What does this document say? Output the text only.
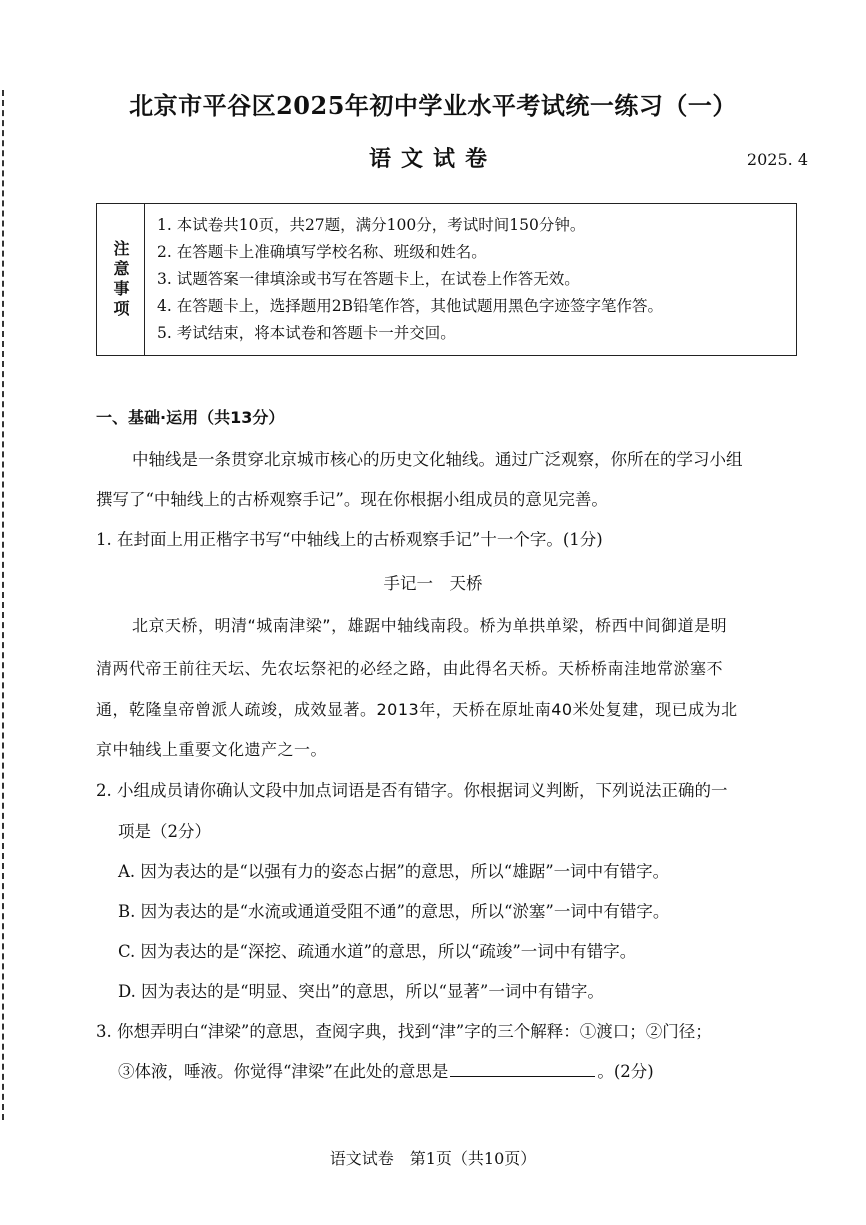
北京市平谷区2025年初中学业水平考试统一练习（一）
语文试卷	2025. 4
注意事项
1. 本试卷共10页，共27题，满分100分，考试时间150分钟。
2. 在答题卡上准确填写学校名称、班级和姓名。
3. 试题答案一律填涂或书写在答题卡上，在试卷上作答无效。
4. 在答题卡上，选择题用2B铅笔作答，其他试题用黑色字迹签字笔作答。
5. 考试结束，将本试卷和答题卡一并交回。
一、基础·运用（共13分）
中轴线是一条贯穿北京城市核心的历史文化轴线。通过广泛观察，你所在的学习小组
撰写了“中轴线上的古桥观察手记”。现在你根据小组成员的意见完善。
1. 在封面上用正楷字书写“中轴线上的古桥观察手记”十一个字。(1分)
手记一　天桥
北京天桥，明清“城南津梁”，雄踞中轴线南段。桥为单拱单梁，桥西中间御道是明
清两代帝王前往天坛、先农坛祭祀的必经之路，由此得名天桥。天桥桥南洼地常淤塞不
通，乾隆皇帝曾派人疏竣，成效显著。2013年，天桥在原址南40米处复建，现已成为北
京中轴线上重要文化遗产之一。
2. 小组成员请你确认文段中加点词语是否有错字。你根据词义判断，下列说法正确的一
项是（2分）
A. 因为表达的是“以强有力的姿态占据”的意思，所以“雄踞”一词中有错字。
B. 因为表达的是“水流或通道受阻不通”的意思，所以“淤塞”一词中有错字。
C. 因为表达的是“深挖、疏通水道”的意思，所以“疏竣”一词中有错字。
D. 因为表达的是“明显、突出”的意思，所以“显著”一词中有错字。
3. 你想弄明白“津梁”的意思，查阅字典，找到“津”字的三个解释：①渡口；②门径；
③体液，唾液。你觉得“津梁”在此处的意思是	。(2分)
语文试卷　第1页（共10页）
